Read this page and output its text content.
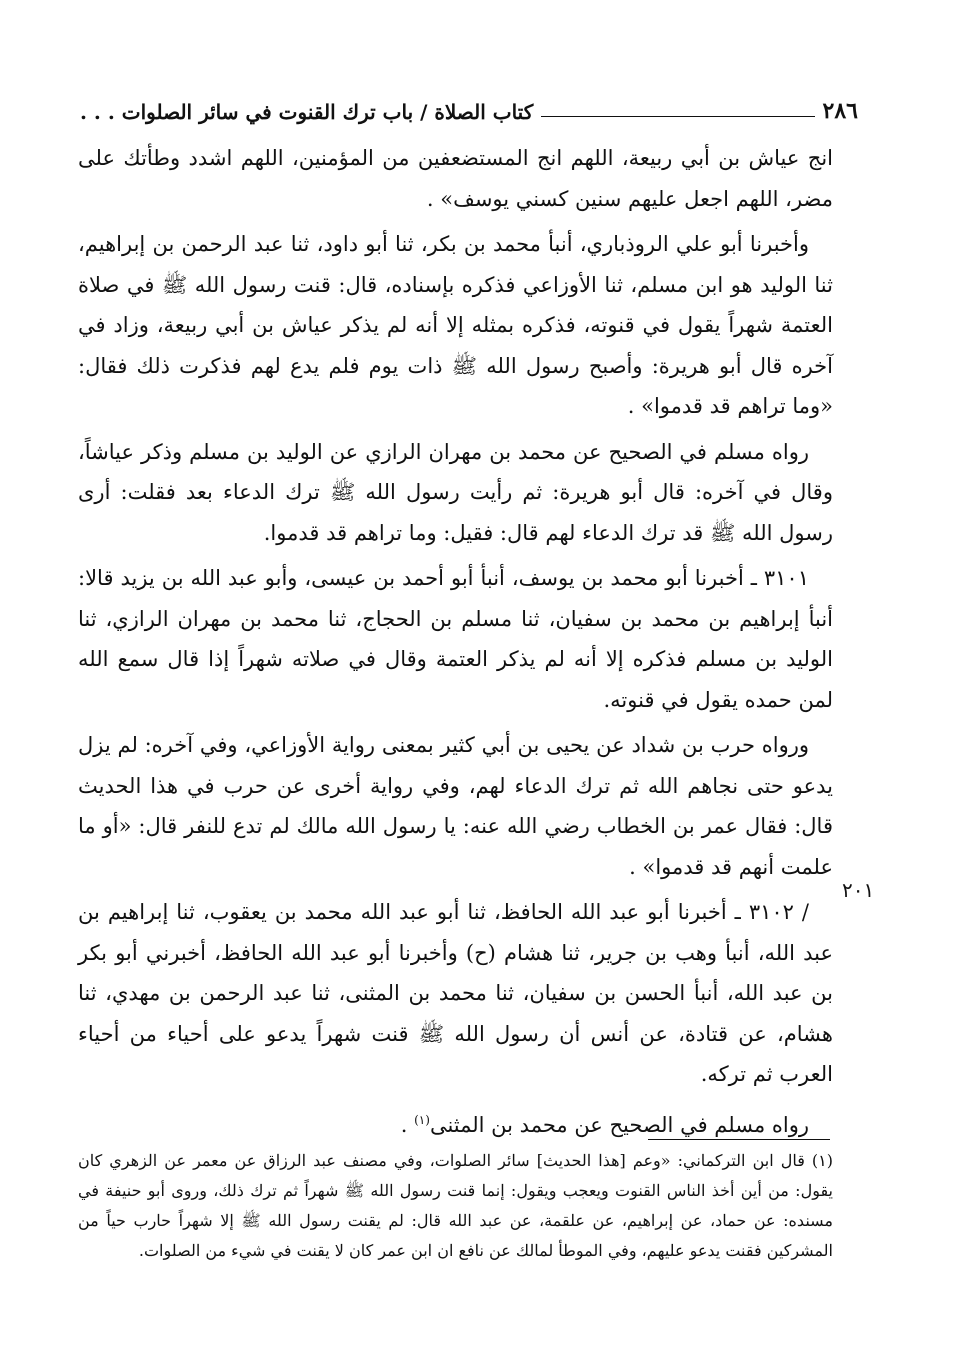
٢٨٦
كتاب الصلاة / باب ترك القنوت في سائر الصلوات . . .

انج عياش بن أبي ربيعة، اللهم انج المستضعفين من المؤمنين، اللهم اشدد وطأتك على مضر، اللهم اجعل عليهم سنين كسني يوسف» .

وأخبرنا أبو علي الروذباري، أنبأ محمد بن بكر، ثنا أبو داود، ثنا عبد الرحمن بن إبراهيم، ثنا الوليد هو ابن مسلم، ثنا الأوزاعي فذكره بإسناده، قال: قنت رسول الله ﷺ في صلاة العتمة شهراً يقول في قنوته، فذكره بمثله إلا أنه لم يذكر عياش بن أبي ربيعة، وزاد في آخره قال أبو هريرة: وأصبح رسول الله ﷺ ذات يوم فلم يدع لهم فذكرت ذلك فقال: «وما تراهم قد قدموا» .

رواه مسلم في الصحيح عن محمد بن مهران الرازي عن الوليد بن مسلم وذكر عياشاً، وقال في آخره: قال أبو هريرة: ثم رأيت رسول الله ﷺ ترك الدعاء بعد فقلت: أرى رسول الله ﷺ قد ترك الدعاء لهم قال: فقيل: وما تراهم قد قدموا.

٣١٠١ ـ أخبرنا أبو محمد بن يوسف، أنبأ أبو أحمد بن عيسى، وأبو عبد الله بن يزيد قالا: أنبأ إبراهيم بن محمد بن سفيان، ثنا مسلم بن الحجاج، ثنا محمد بن مهران الرازي، ثنا الوليد بن مسلم فذكره إلا أنه لم يذكر العتمة وقال في صلاته شهراً إذا قال سمع الله لمن حمده يقول في قنوته.

ورواه حرب بن شداد عن يحيى بن أبي كثير بمعنى رواية الأوزاعي، وفي آخره: لم يزل يدعو حتى نجاهم الله ثم ترك الدعاء لهم، وفي رواية أخرى عن حرب في هذا الحديث قال: فقال عمر بن الخطاب رضي الله عنه: يا رسول الله مالك لم تدع للنفر قال: «أو ما علمت أنهم قد قدموا» .

/ ٣١٠٢ ـ أخبرنا أبو عبد الله الحافظ، ثنا أبو عبد الله محمد بن يعقوب، ثنا إبراهيم بن عبد الله، أنبأ وهب بن جرير، ثنا هشام (ح) وأخبرنا أبو عبد الله الحافظ، أخبرني أبو بكر بن عبد الله، أنبأ الحسن بن سفيان، ثنا محمد بن المثنى، ثنا عبد الرحمن بن مهدي، ثنا هشام، عن قتادة، عن أنس أن رسول الله ﷺ قنت شهراً يدعو على أحياء من أحياء العرب ثم تركه.

رواه مسلم في الصحيح عن محمد بن المثنى$^{(١)}$ .

٢٠١

(١) قال ابن التركماني: «وعم [هذا الحديث] سائر الصلوات، وفي مصنف عبد الرزاق عن معمر عن الزهري كان يقول: من أين أخذ الناس القنوت ويعجب ويقول: إنما قنت رسول الله ﷺ شهراً ثم ترك ذلك، وروى أبو حنيفة في مسنده: عن حماد، عن إبراهيم، عن علقمة، عن عبد الله قال: لم يقنت رسول الله ﷺ إلا شهراً حارب حياً من المشركين فقنت يدعو عليهم، وفي الموطأ لمالك عن نافع ان ابن عمر كان لا يقنت في شيء من الصلوات.
